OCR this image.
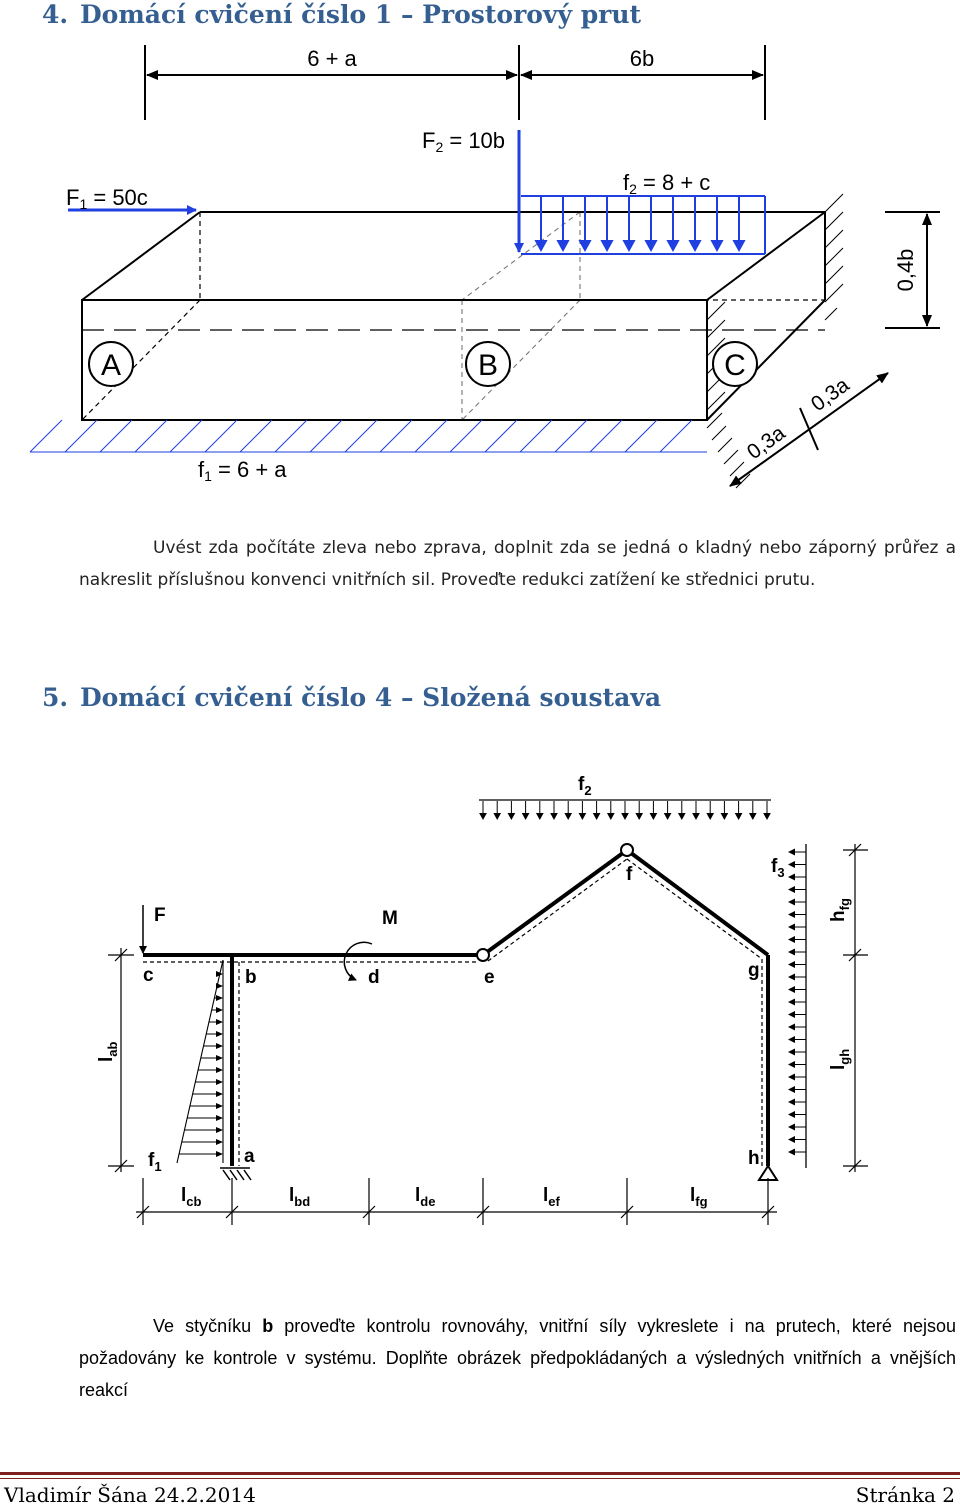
4. Domácí cvičení číslo 1 – Prostorový prut
6 + a	6b
f1 = 6 + a
F1 = 50c
F2 = 10b
f2 = 8 + c
0,4b
0,3a
0,3a
A	B	C

Uvést zda počítáte zleva nebo zprava, doplnit zda se jedná o kladný nebo záporný průřez a nakreslit příslušnou konvenci vnitřních sil. Proveďte redukci zatížení ke střednici prutu.

5. Domácí cvičení číslo 4 – Složená soustava
$f_2$
$f_3$
$f_1$
F	M
c	b	d	e
f
g
a	h
$l_{ab}$
$h_{fg}$
$l_{gh}$
$l_{cb}$	$l_{bd}$	$l_{de}$	$l_{ef}$	$l_{fg}$

Ve styčníku b proveďte kontrolu rovnováhy, vnitřní síly vykreslete i na prutech, které nejsou požadovány ke kontrole v systému. Doplňte obrázek předpokládaných a výsledných vnitřních a vnějších reakcí

Vladimír Šána 24.2.2014	Stránka 2
